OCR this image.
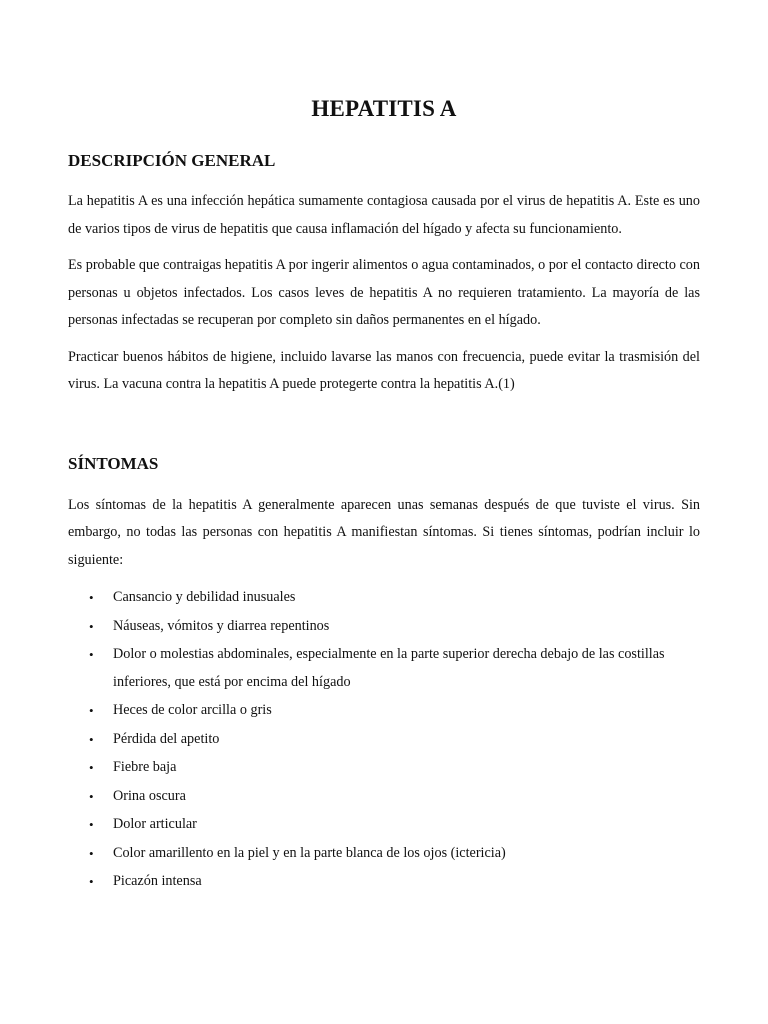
HEPATITIS A
DESCRIPCIÓN GENERAL

La hepatitis A es una infección hepática sumamente contagiosa causada por el virus de hepatitis A. Este es uno de varios tipos de virus de hepatitis que causa inflamación del hígado y afecta su funcionamiento.

Es probable que contraigas hepatitis A por ingerir alimentos o agua contaminados, o por el contacto directo con personas u objetos infectados. Los casos leves de hepatitis A no requieren tratamiento. La mayoría de las personas infectadas se recuperan por completo sin daños permanentes en el hígado.

Practicar buenos hábitos de higiene, incluido lavarse las manos con frecuencia, puede evitar la trasmisión del virus. La vacuna contra la hepatitis A puede protegerte contra la hepatitis A.(1)

SÍNTOMAS

Los síntomas de la hepatitis A generalmente aparecen unas semanas después de que tuviste el virus. Sin embargo, no todas las personas con hepatitis A manifiestan síntomas. Si tienes síntomas, podrían incluir lo siguiente:

• Cansancio y debilidad inusuales
• Náuseas, vómitos y diarrea repentinos
• Dolor o molestias abdominales, especialmente en la parte superior derecha debajo de las costillas inferiores, que está por encima del hígado
• Heces de color arcilla o gris
• Pérdida del apetito
• Fiebre baja
• Orina oscura
• Dolor articular
• Color amarillento en la piel y en la parte blanca de los ojos (ictericia)
• Picazón intensa
